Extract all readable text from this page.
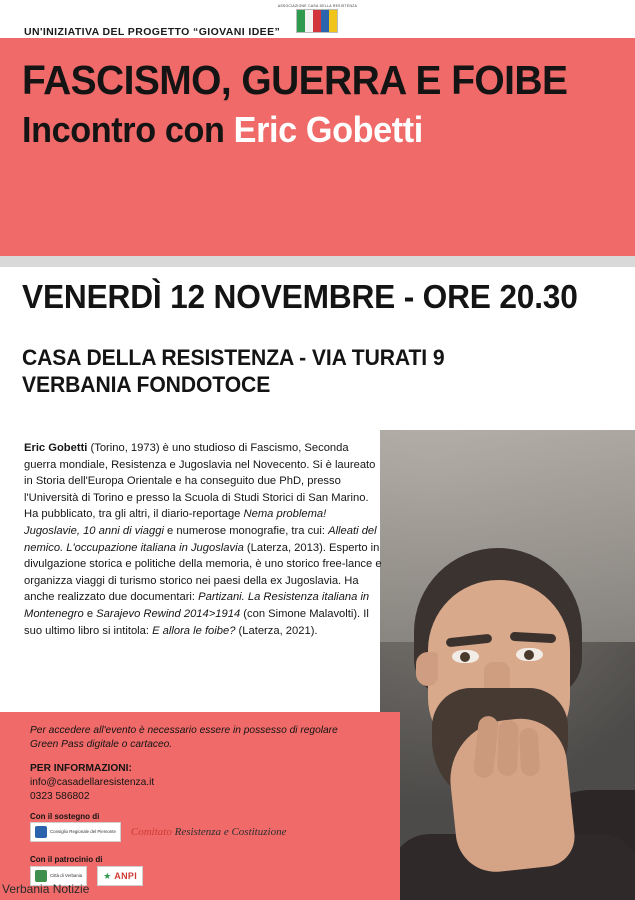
ASSOCIAZIONE CASA DELLA RESISTENZA
UN'INIZIATIVA DEL PROGETTO “GIOVANI IDEE”
FASCISMO, GUERRA E FOIBE
Incontro con Eric Gobetti
VENERDÌ 12 NOVEMBRE - ORE 20.30
CASA DELLA RESISTENZA - VIA TURATI 9
VERBANIA FONDOTOCE
Eric Gobetti (Torino, 1973) è uno studioso di Fascismo, Seconda guerra mondiale, Resistenza e Jugoslavia nel Novecento. Si è laureato in Storia dell'Europa Orientale e ha conseguito due PhD, presso l'Università di Torino e presso la Scuola di Studi Storici di San Marino. Ha pubblicato, tra gli altri, il diario-reportage Nema problema! Jugoslavie, 10 anni di viaggi e numerose monografie, tra cui: Alleati del nemico. L'occupazione italiana in Jugoslavia (Laterza, 2013). Esperto in divulgazione storica e politiche della memoria, è uno storico free-lance e organizza viaggi di turismo storico nei paesi della ex Jugoslavia. Ha anche realizzato due documentari: Partizani. La Resistenza italiana in Montenegro e Sarajevo Rewind 2014>1914 (con Simone Malavolti). Il suo ultimo libro si intitola: E allora le foibe? (Laterza, 2021).
Per accedere all'evento è necessario essere in possesso di regolare Green Pass digitale o cartaceo.
PER INFORMAZIONI:
info@casadellaresistenza.it
0323 586802
Con il sostegno di
Consiglio Regionale del Piemonte Comitato Resistenza e Costituzione
Con il patrocinio di
Città di Verbania ★ ANPI
Verbania Notizie
